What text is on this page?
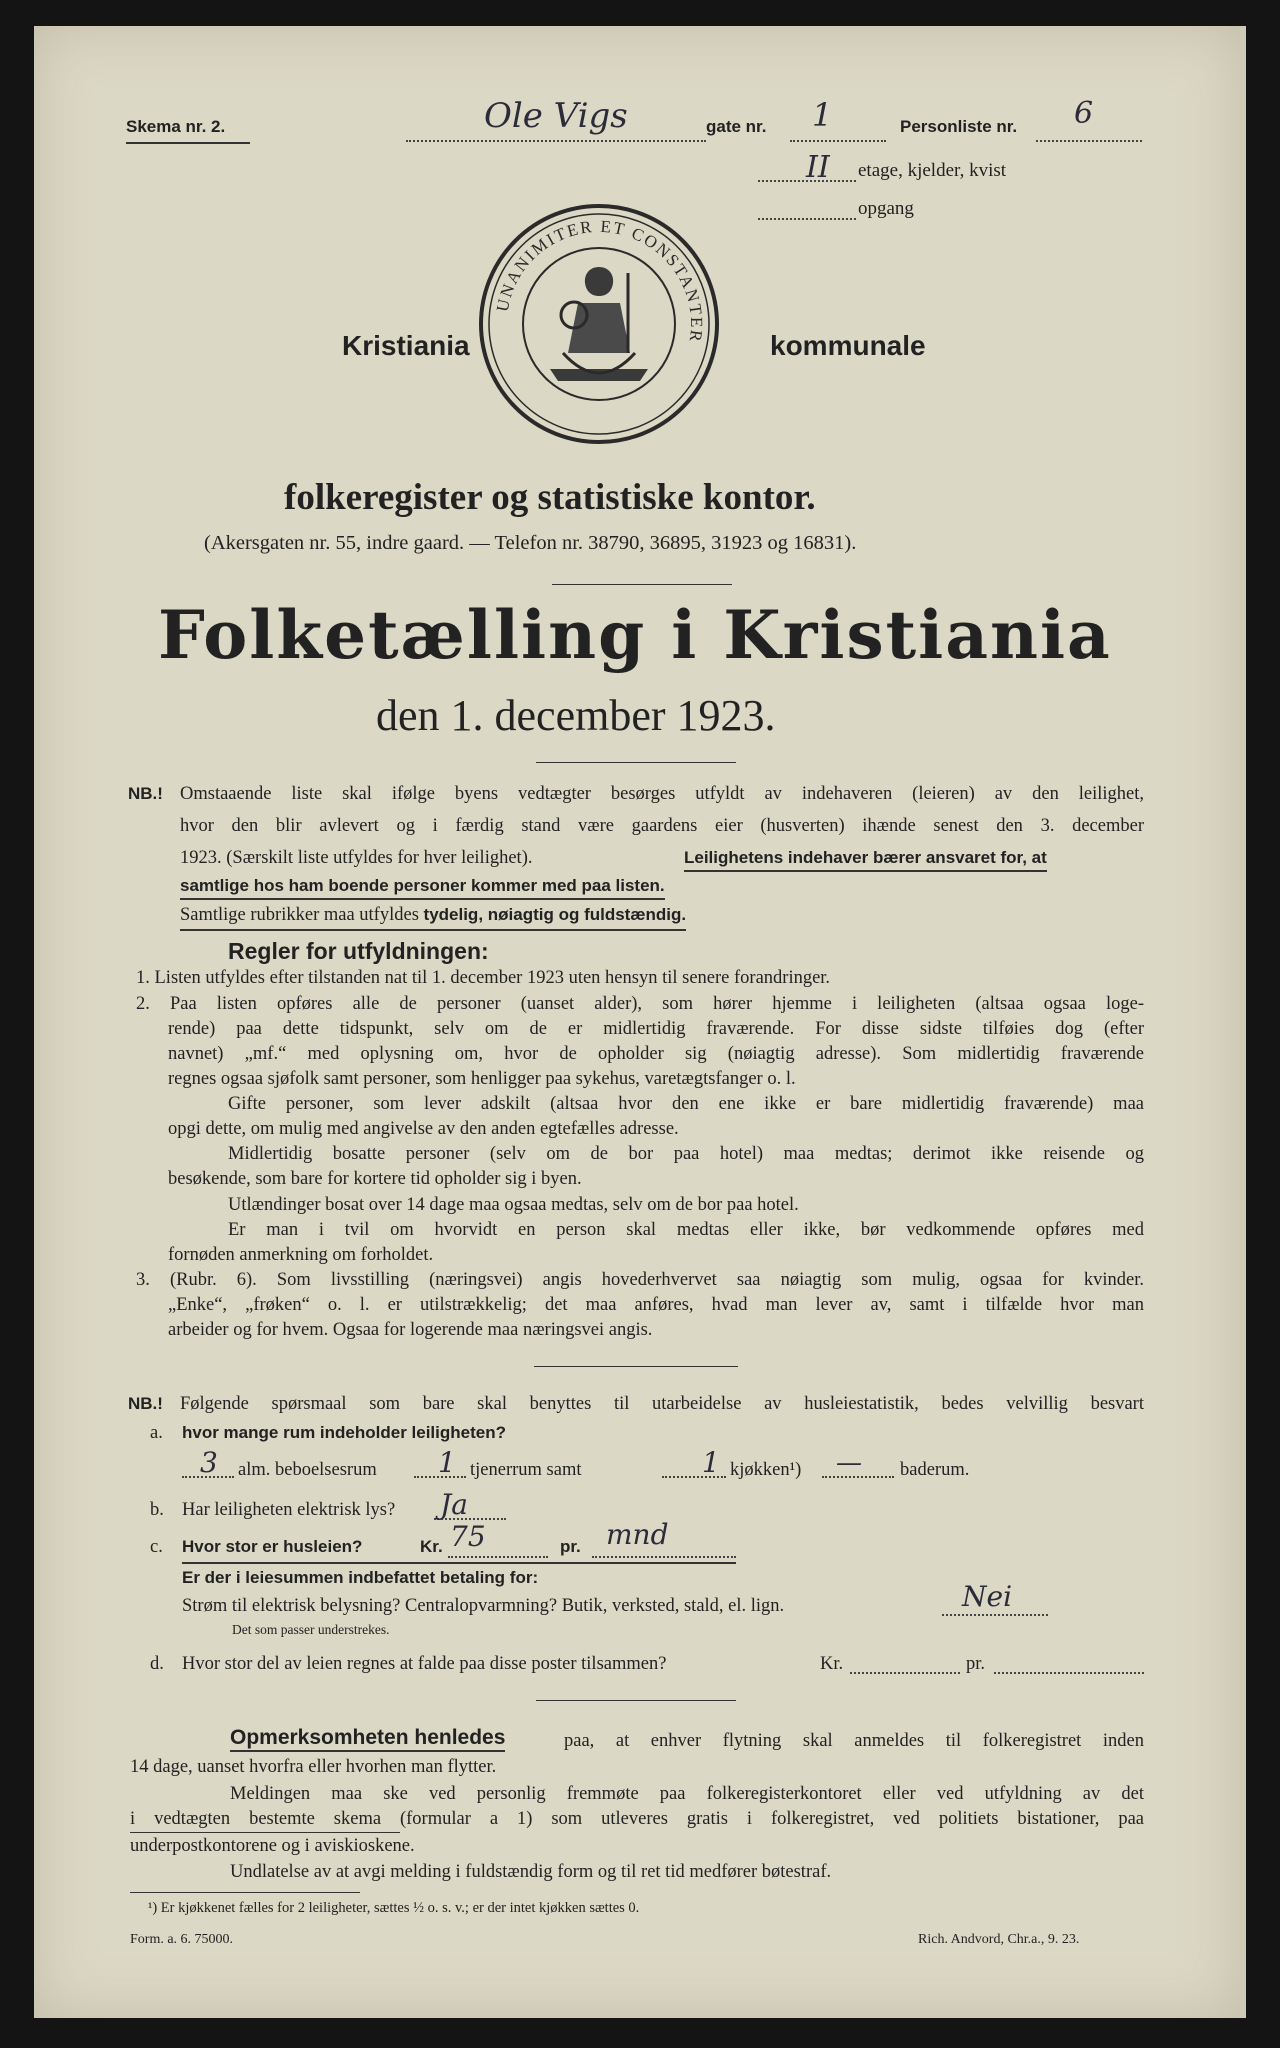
Skema nr. 2.	Ole Vigs	gate nr. 1	Personliste nr. 6
II etage, kjelder, kvist
opgang
UNANIMITER ET CONSTANTER
Kristiania	kommunale
folkeregister og statistiske kontor.
(Akersgaten nr. 55, indre gaard. — Telefon nr. 38790, 36895, 31923 og 16831).
Folketælling i Kristiania
den 1. december 1923.
NB.! Omstaaende liste skal ifølge byens vedtægter besørges utfyldt av indehaveren (leieren) av den leilighet,
hvor den blir avlevert og i færdig stand være gaardens eier (husverten) ihænde senest den 3. december
1923. (Særskilt liste utfyldes for hver leilighet).	Leilighetens indehaver bærer ansvaret for, at
samtlige hos ham boende personer kommer med paa listen.
Samtlige rubrikker maa utfyldes tydelig, nøiagtig og fuldstændig.
Regler for utfyldningen:
1. Listen utfyldes efter tilstanden nat til 1. december 1923 uten hensyn til senere forandringer.
2. Paa listen opføres alle de personer (uanset alder), som hører hjemme i leiligheten (altsaa ogsaa loge-
rende) paa dette tidspunkt, selv om de er midlertidig fraværende. For disse sidste tilføies dog (efter
navnet) „mf.“ med oplysning om, hvor de opholder sig (nøiagtig adresse). Som midlertidig fraværende
regnes ogsaa sjøfolk samt personer, som henligger paa sykehus, varetægtsfanger o. l.
Gifte personer, som lever adskilt (altsaa hvor den ene ikke er bare midlertidig fraværende) maa
opgi dette, om mulig med angivelse av den anden egtefælles adresse.
Midlertidig bosatte personer (selv om de bor paa hotel) maa medtas; derimot ikke reisende og
besøkende, som bare for kortere tid opholder sig i byen.
Utlændinger bosat over 14 dage maa ogsaa medtas, selv om de bor paa hotel.
Er man i tvil om hvorvidt en person skal medtas eller ikke, bør vedkommende opføres med
fornøden anmerkning om forholdet.
3. (Rubr. 6). Som livsstilling (næringsvei) angis hovederhvervet saa nøiagtig som mulig, ogsaa for kvinder.
„Enke“, „frøken“ o. l. er utilstrækkelig; det maa anføres, hvad man lever av, samt i tilfælde hvor man
arbeider og for hvem. Ogsaa for logerende maa næringsvei angis.
NB.! Følgende spørsmaal som bare skal benyttes til utarbeidelse av husleiestatistik, bedes velvillig besvart
a. hvor mange rum indeholder leiligheten?
3 alm. beboelsesrum 1 tjenerrum samt	1 kjøkken¹) — baderum.
b. Har leiligheten elektrisk lys? Ja
c. Hvor stor er husleien?	Kr. 75	pr. mnd
Er der i leiesummen indbefattet betaling for:
Strøm til elektrisk belysning? Centralopvarmning? Butik, verksted, stald, el. lign.	Nei
Det som passer understrekes.
d. Hvor stor del av leien regnes at falde paa disse poster tilsammen?	Kr.	pr.
Opmerksomheten henledes	paa, at enhver flytning skal anmeldes til folkeregistret inden
14 dage, uanset hvorfra eller hvorhen man flytter.
Meldingen maa ske ved personlig fremmøte paa folkeregisterkontoret eller ved utfyldning av det
i vedtægten bestemte skema (formular a 1) som utleveres gratis i folkeregistret, ved politiets bistationer, paa
underpostkontorene og i aviskioskene.
Undlatelse av at avgi melding i fuldstændig form og til ret tid medfører bøtestraf.
¹) Er kjøkkenet fælles for 2 leiligheter, sættes ½ o. s. v.; er der intet kjøkken sættes 0.
Form. a. 6. 75000.	Rich. Andvord, Chr.a., 9. 23.
